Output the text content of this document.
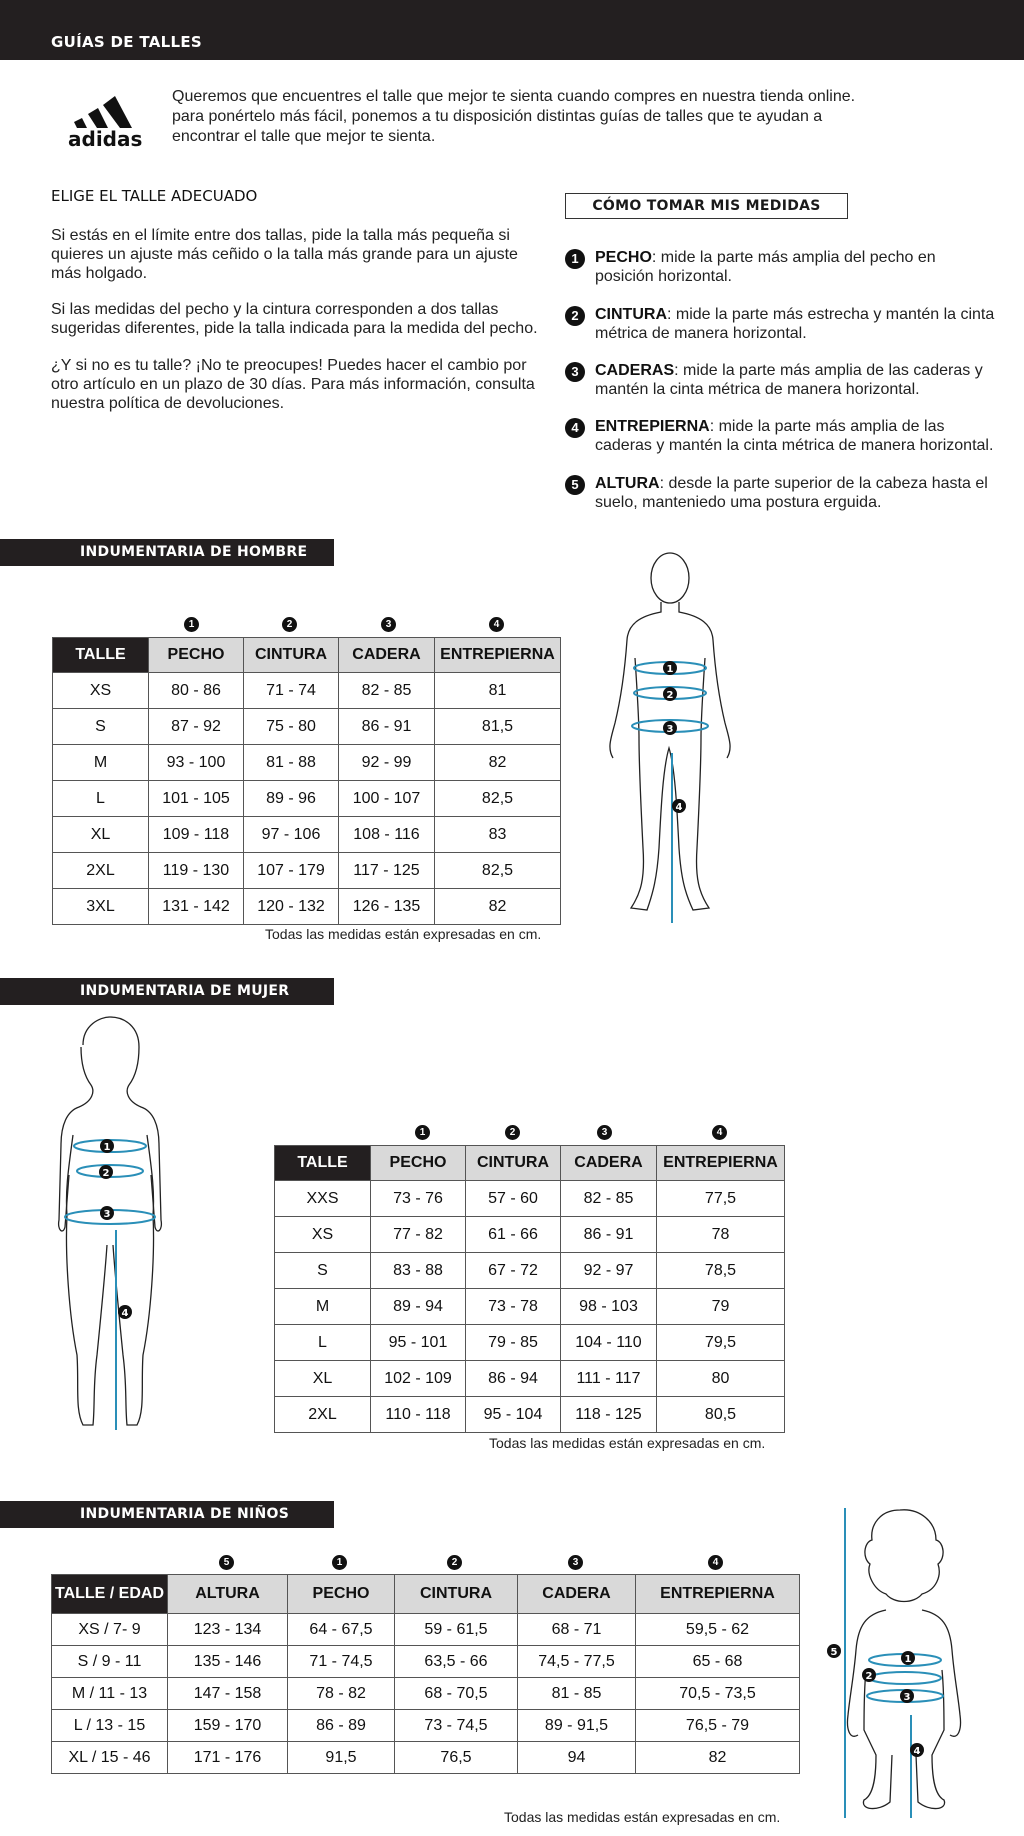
GUÍAS DE TALLES
adidas

Queremos que encuentres el talle que mejor te sienta cuando compres en nuestra tienda online.

para ponértelo más fácil, ponemos a tu disposición distintas guías de talles que te ayudan a

encontrar el talle que mejor te sienta.

ELIGE EL TALLE ADECUADO

Si estás en el límite entre dos tallas, pide la talla más pequeña si quieres un ajuste más ceñido o la talla más grande para un ajuste más holgado.

Si las medidas del pecho y la cintura corresponden a dos tallas sugeridas diferentes, pide la talla indicada para la medida del pecho.

¿Y si no es tu talle? ¡No te preocupes! Puedes hacer el cambio por otro artículo en un plazo de 30 días. Para más información, consulta nuestra política de devoluciones.

CÓMO TOMAR MIS MEDIDAS
1	PECHO: mide la parte más amplia del pecho en posición horizontal.
2	CINTURA: mide la parte más estrecha y mantén la cinta métrica de manera horizontal.
3	CADERAS: mide la parte más amplia de las caderas y mantén la cinta métrica de manera horizontal.
4	ENTREPIERNA: mide la parte más amplia de las caderas y mantén la cinta métrica de manera horizontal.
5	ALTURA: desde la parte superior de la cabeza hasta el suelo, manteniedo uma postura erguida.
INDUMENTARIA DE HOMBRE
1	2	3	4
TALLE	PECHO	CINTURA	CADERA	ENTREPIERNA
XS	80 - 86	71 - 74	82 - 85	81
S	87 - 92	75 - 80	86 - 91	81,5
M	93 - 100	81 - 88	92 - 99	82
L	101 - 105	89 - 96	100 - 107	82,5
XL	109 - 118	97 - 106	108 - 116	83
2XL	119 - 130	107 - 179	117 - 125	82,5
3XL	131 - 142	120 - 132	126 - 135	82
Todas las medidas están expresadas en cm.
1
2
3
4
INDUMENTARIA DE MUJER
1
2
3
4
1	2	3	4
TALLE	PECHO	CINTURA	CADERA	ENTREPIERNA
XXS	73 - 76	57 - 60	82 - 85	77,5
XS	77 - 82	61 - 66	86 - 91	78
S	83 - 88	67 - 72	92 - 97	78,5
M	89 - 94	73 - 78	98 - 103	79
L	95 - 101	79 - 85	104 - 110	79,5
XL	102 - 109	86 - 94	111 - 117	80
2XL	110 - 118	95 - 104	118 - 125	80,5
Todas las medidas están expresadas en cm.
INDUMENTARIA DE NIÑOS
5	1	2	3	4
TALLE / EDAD	ALTURA	PECHO	CINTURA	CADERA	ENTREPIERNA
XS / 7- 9	123 - 134	64 - 67,5	59 - 61,5	68 - 71	59,5 - 62
S / 9 - 11	135 - 146	71 - 74,5	63,5 - 66	74,5 - 77,5	65 - 68
M / 11 - 13	147 - 158	78 - 82	68 - 70,5	81 - 85	70,5 - 73,5
L / 13 - 15	159 - 170	86 - 89	73 - 74,5	89 - 91,5	76,5 - 79
XL / 15 - 46	171 - 176	91,5	76,5	94	82
Todas las medidas están expresadas en cm.
5
1
2
3
4
